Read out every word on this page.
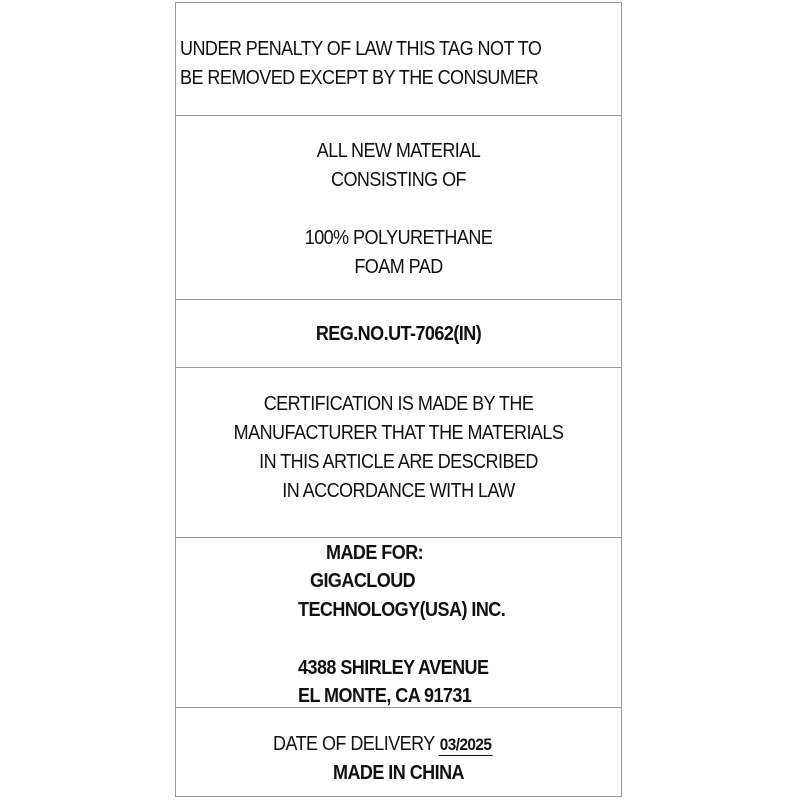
UNDER PENALTY OF LAW THIS TAG NOT TO
BE REMOVED EXCEPT BY THE CONSUMER
ALL NEW MATERIAL
CONSISTING OF
100% POLYURETHANE
FOAM PAD
REG.NO.UT-7062(IN)
CERTIFICATION IS MADE BY THE
MANUFACTURER THAT THE MATERIALS
IN THIS ARTICLE ARE DESCRIBED
IN ACCORDANCE WITH LAW
MADE FOR:
GIGACLOUD
TECHNOLOGY(USA) INC.
4388 SHIRLEY AVENUE
EL MONTE, CA 91731
DATE OF DELIVERY 03/2025
MADE IN CHINA
